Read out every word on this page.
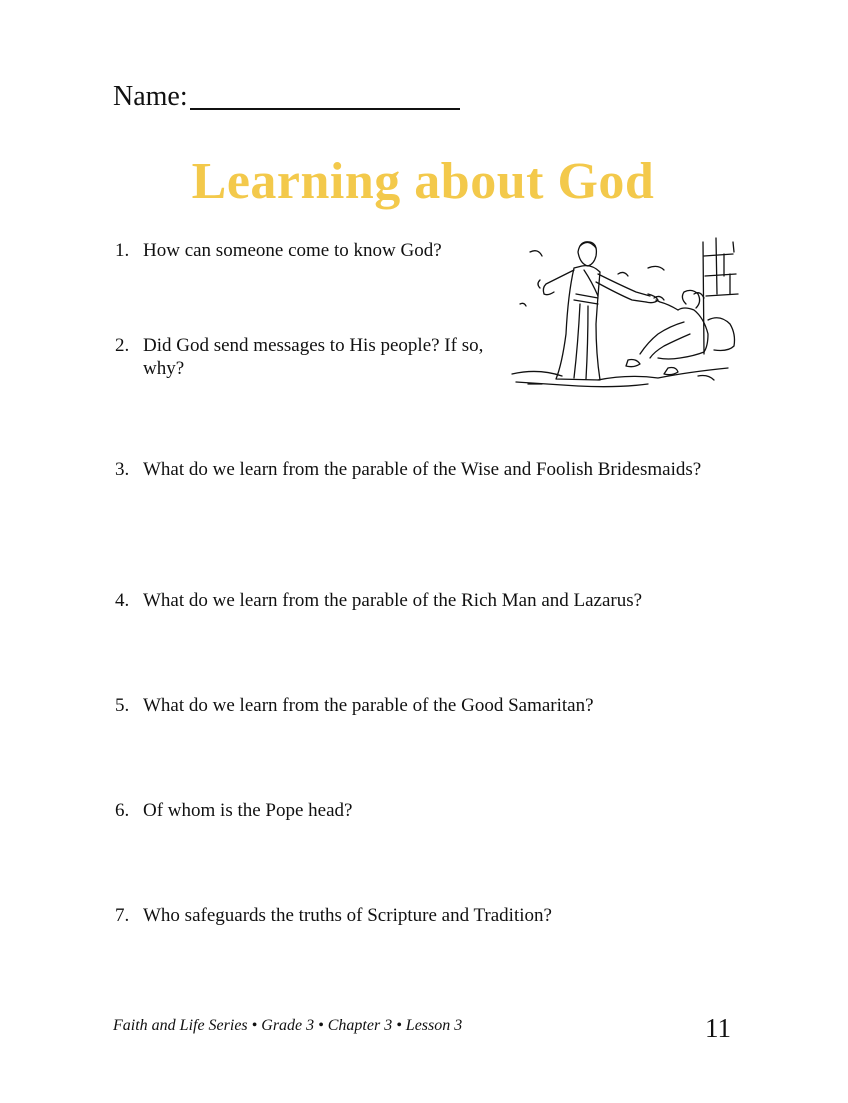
Name:
Learning about God
1. How can someone come to know God?
2. Did God send messages to His people? If so, why?
3. What do we learn from the parable of the Wise and Foolish Bridesmaids?
4. What do we learn from the parable of the Rich Man and Lazarus?
5. What do we learn from the parable of the Good Samaritan?
6. Of whom is the Pope head?
7. Who safeguards the truths of Scripture and Tradition?
Faith and Life Series • Grade 3 • Chapter 3 • Lesson 3	11
